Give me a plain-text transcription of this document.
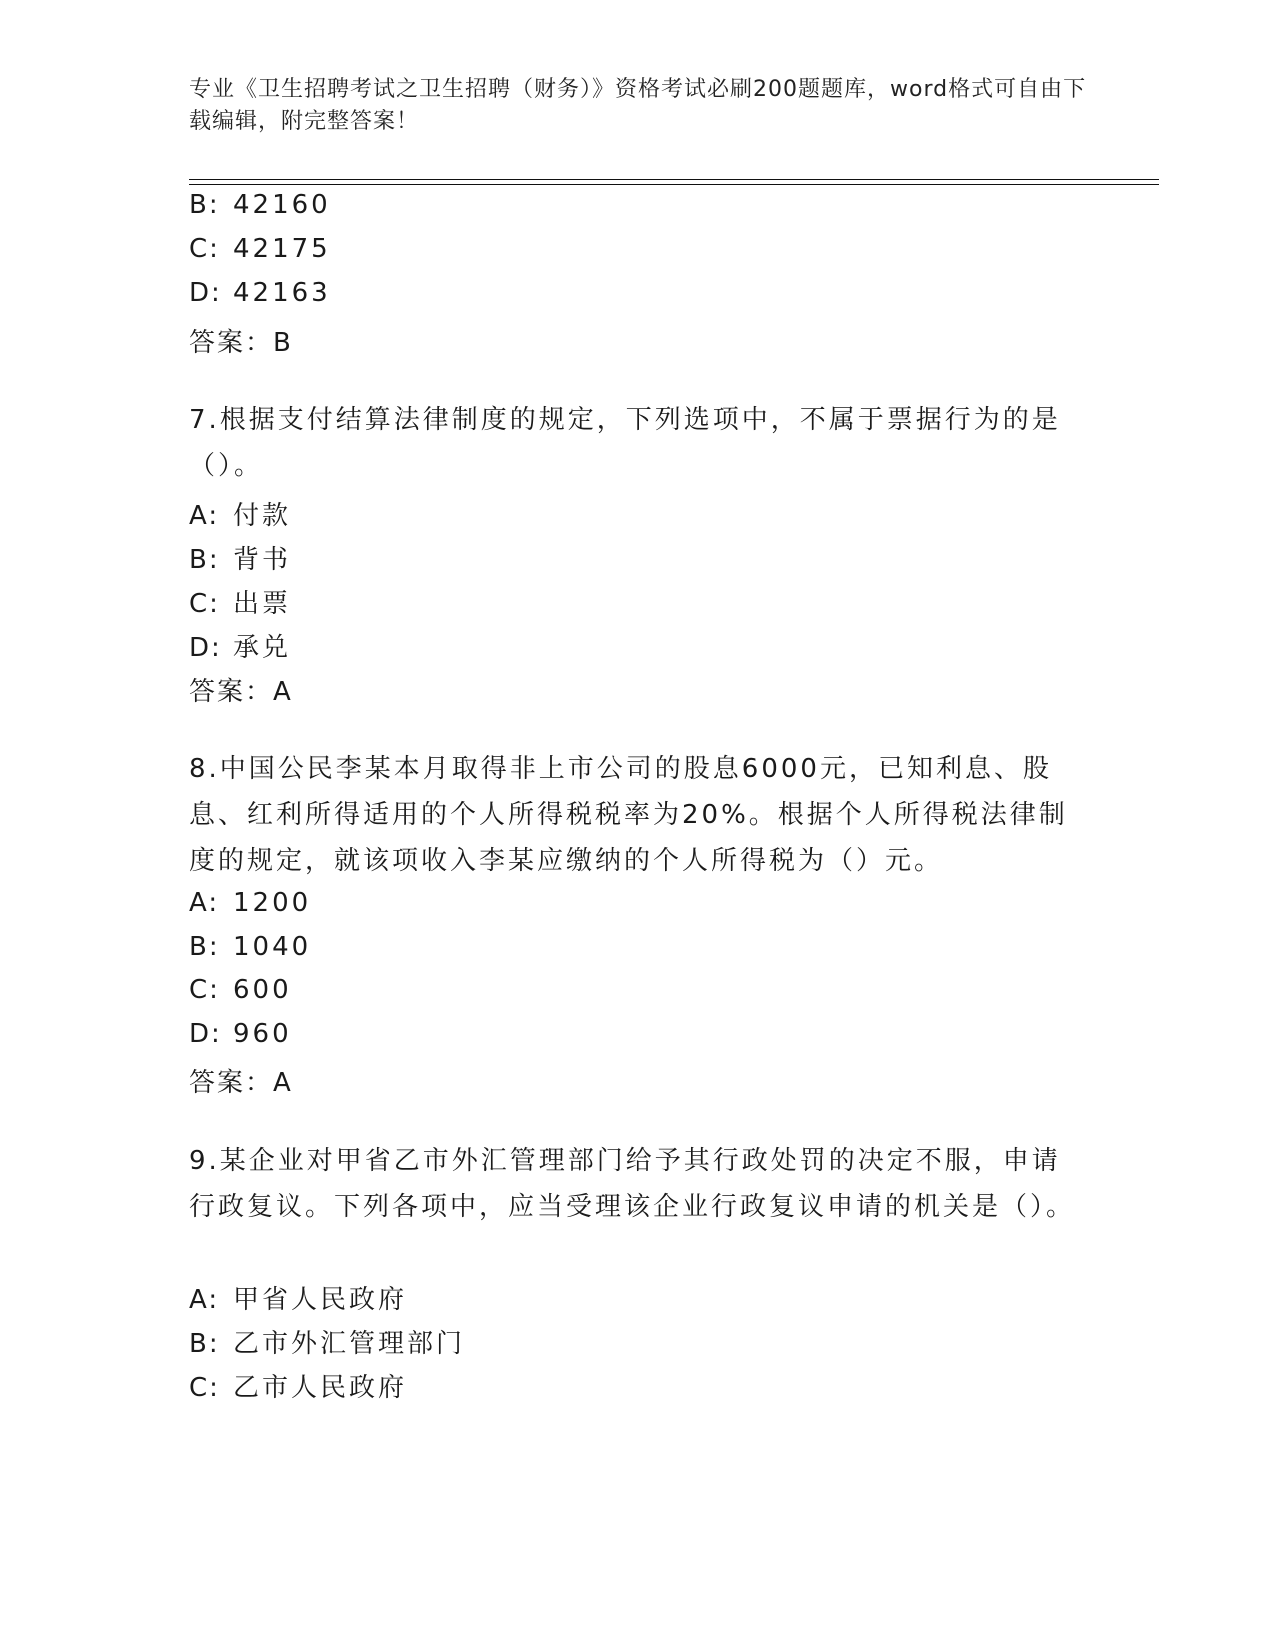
专业《卫生招聘考试之卫生招聘（财务）》资格考试必刷200题题库，word格式可自由下载编辑，附完整答案！
B: 42160
C: 42175
D: 42163
答案：B
7.根据支付结算法律制度的规定，下列选项中，不属于票据行为的是（）。
A: 付款
B: 背书
C: 出票
D: 承兑
答案：A
8.中国公民李某本月取得非上市公司的股息6000元，已知利息、股息、红利所得适用的个人所得税税率为20%。根据个人所得税法律制度的规定，就该项收入李某应缴纳的个人所得税为（）元。
A: 1200
B: 1040
C: 600
D: 960
答案：A
9.某企业对甲省乙市外汇管理部门给予其行政处罚的决定不服，申请行政复议。下列各项中，应当受理该企业行政复议申请的机关是（）。
A: 甲省人民政府
B: 乙市外汇管理部门
C: 乙市人民政府
